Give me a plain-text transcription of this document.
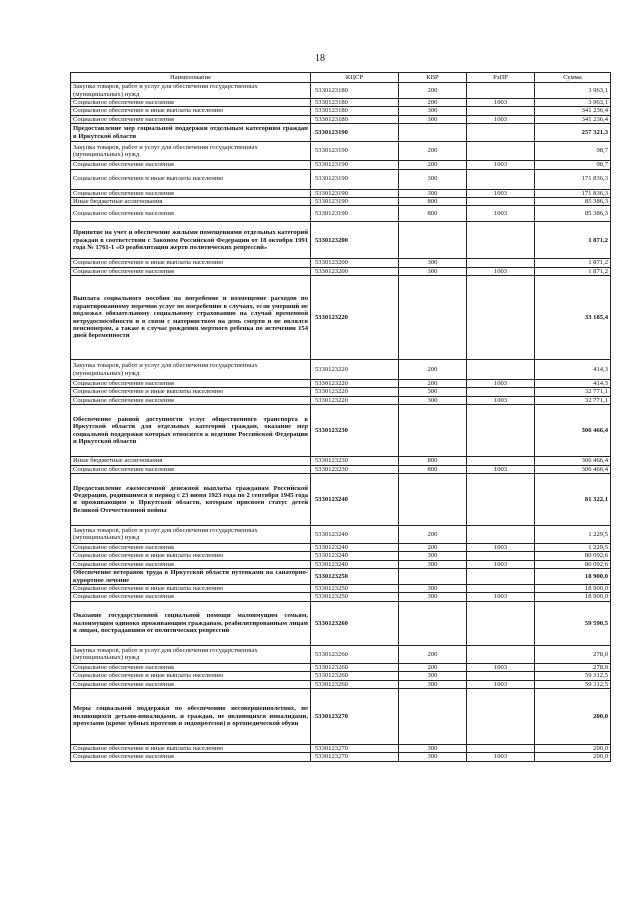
18
Наименование	КЦСР	КВР	РзПР	Сумма
Закупка товаров, работ и услуг для обеспечения государственных (муниципальных) нужд	5330123180	200		3 963,1
Социальное обеспечение населения	5330123180	200	1003	3 963,1
Социальное обеспечение и иные выплаты населению	5330123180	300		341 236,4
Социальное обеспечение населения	5330123180	300	1003	341 236,4
Предоставление мер социальной поддержки отдельным категориям граждан в Иркутской области	5330123190			257 321,3
Закупка товаров, работ и услуг для обеспечения государственных (муниципальных) нужд	5330123190	200		98,7
Социальное обеспечение населения	5330123190	200	1003	98,7
Социальное обеспечение и иные выплаты населению	5330123190	300		171 836,3
Социальное обеспечение населения	5330123190	300	1003	171 836,3
Иные бюджетные ассигнования	5330123190	800		85 386,3
Социальное обеспечение населения	5330123190	800	1003	85 386,3
Принятие на учет и обеспечение жилыми помещениями отдельных категорий граждан в соответствии с Законом Российской Федерации от 18 октября 1991 года № 1761-1 «О реабилитации жертв политических репрессий»	5330123200			1 871,2
Социальное обеспечение и иные выплаты населению	5330123200	300		1 871,2
Социальное обеспечение населения	5330123200	300	1003	1 871,2
Выплата социального пособия на погребение и возмещение расходов по гарантированному перечню услуг по погребению в случаях, если умерший не подлежал обязательному социальному страхованию на случай временной нетрудоспособности и в связи с материнством на день смерти и не являлся пенсионером, а также в случае рождения мертвого ребенка по истечении 154 дней беременности	5330123220			33 185,4
Закупка товаров, работ и услуг для обеспечения государственных (муниципальных) нужд	5330123220	200		414,3
Социальное обеспечение населения	5330123220	200	1003	414,3
Социальное обеспечение и иные выплаты населению	5330123220	300		32 771,1
Социальное обеспечение населения	5330123220	300	1003	32 771,1
Обеспечение равной доступности услуг общественного транспорта в Иркутской области для отдельных категорий граждан, оказание мер социальной поддержки которых относится к ведению Российской Федерации и Иркутской области	5330123230			306 466,4
Иные бюджетные ассигнования	5330123230	800		306 466,4
Социальное обеспечение населения	5330123230	800	1003	306 466,4
Предоставление ежемесячной денежной выплаты гражданам Российской Федерации, родившимся в период с 23 июня 1923 года по 2 сентября 1945 года и проживающим в Иркутской области, которым присвоен статус детей Великой Отечественной войны	5330123240			81 322,1
Закупка товаров, работ и услуг для обеспечения государственных (муниципальных) нужд	5330123240	200		1 229,5
Социальное обеспечение населения	5330123240	200	1003	1 229,5
Социальное обеспечение и иные выплаты населению	5330123240	300		80 092,6
Социальное обеспечение населения	5330123240	300	1003	80 092,6
Обеспечение ветеранов труда в Иркутской области путевками на санаторно-курортное лечение	5330123250			18 900,0
Социальное обеспечение и иные выплаты населению	5330123250	300		18 900,0
Социальное обеспечение населения	5330123250	300	1003	18 900,0
Оказание государственной социальной помощи малоимущим семьям, малоимущим одиноко проживающим гражданам, реабилитированным лицам и лицам, пострадавшим от политических репрессий	5330123260			59 590,5
Закупка товаров, работ и услуг для обеспечения государственных (муниципальных) нужд	5330123260	200		278,0
Социальное обеспечение населения	5330123260	200	1003	278,0
Социальное обеспечение и иные выплаты населению	5330123260	300		59 312,5
Социальное обеспечение населения	5330123260	300	1003	59 312,5
Меры социальной поддержки по обеспечению несовершеннолетних, не являющихся детьми-инвалидами, и граждан, не являющихся инвалидами, протезами (кроме зубных протезов и эндопротезов) в ортопедической обуви	5330123270			200,0
Социальное обеспечение и иные выплаты населению	5330123270	300		200,0
Социальное обеспечение населения	5330123270	300	1003	200,0
